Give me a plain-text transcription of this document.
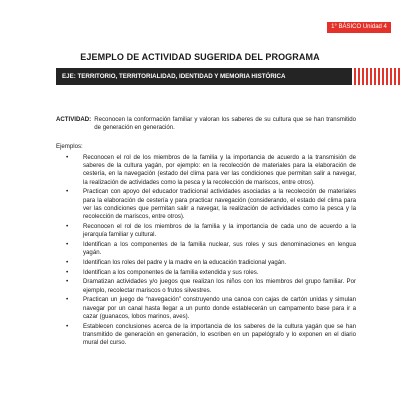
1° BÁSICO Unidad 4
EJEMPLO DE ACTIVIDAD SUGERIDA DEL PROGRAMA
EJE: TERRITORIO, TERRITORIALIDAD, IDENTIDAD Y MEMORIA HISTÓRICA
ACTIVIDAD: Reconocen la conformación familiar y valoran los saberes de su cultura que se han transmitido de generación en generación.
Ejemplos:
• Reconocen el rol de los miembros de la familia y la importancia de acuerdo a la transmisión de saberes de la cultura yagán, por ejemplo: en la recolección de materiales para la elaboración de cestería, en la navegación (estado del clima para ver las condiciones que permitan salir a navegar, la realización de actividades como la pesca y la recolección de mariscos, entre otros).
• Practican con apoyo del educador tradicional actividades asociadas a la recolección de materiales para la elaboración de cestería y para practicar navegación (considerando, el estado del clima para ver las condiciones que permitan salir a navegar, la realización de actividades como la pesca y la recolección de mariscos, entre otros).
• Reconocen el rol de los miembros de la familia y la importancia de cada uno de acuerdo a la jerarquía familiar y cultural.
• Identifican a los componentes de la familia nuclear, sus roles y sus denominaciones en lengua yagán.
• Identifican los roles del padre y la madre en la educación tradicional yagán.
• Identifican a los componentes de la familia extendida y sus roles.
• Dramatizan actividades y/o juegos que realizan los niños con los miembros del grupo familiar. Por ejemplo, recolectar mariscos o frutos silvestres.
• Practican un juego de “navegación” construyendo una canoa con cajas de cartón unidas y simulan navegar por un canal hasta llegar a un punto donde establecerán un campamento base para ir a cazar (guanacos, lobos marinos, aves).
• Establecen conclusiones acerca de la importancia de los saberes de la cultura yagán que se han transmitido de generación en generación, lo escriben en un papelógrafo y lo exponen en el diario mural del curso.
